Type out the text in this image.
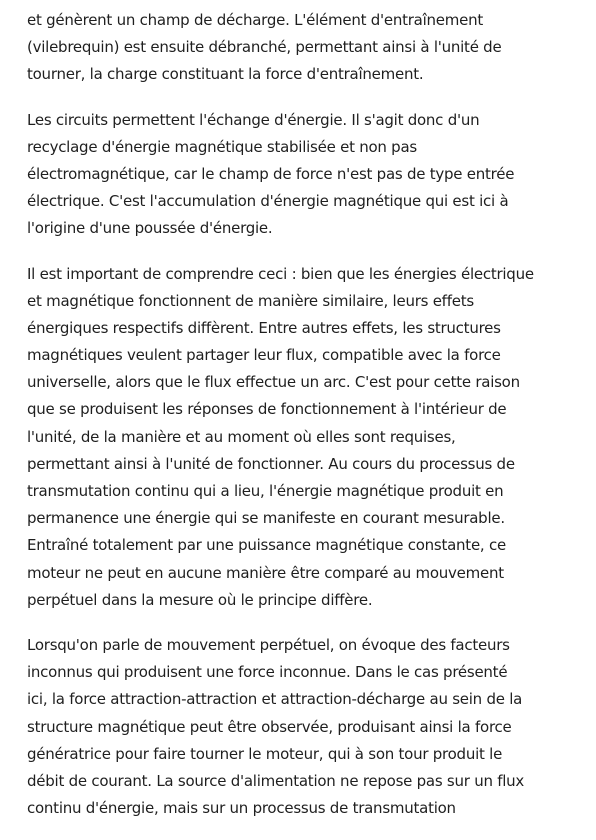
et génèrent un champ de décharge. L'élément d'entraînement
(vilebrequin) est ensuite débranché, permettant ainsi à l'unité de
tourner, la charge constituant la force d'entraînement.

Les circuits permettent l'échange d'énergie. Il s'agit donc d'un
recyclage d'énergie magnétique stabilisée et non pas
électromagnétique, car le champ de force n'est pas de type entrée
électrique. C'est l'accumulation d'énergie magnétique qui est ici à
l'origine d'une poussée d'énergie.

Il est important de comprendre ceci : bien que les énergies électrique
et magnétique fonctionnent de manière similaire, leurs effets
énergiques respectifs diffèrent. Entre autres effets, les structures
magnétiques veulent partager leur flux, compatible avec la force
universelle, alors que le flux effectue un arc. C'est pour cette raison
que se produisent les réponses de fonctionnement à l'intérieur de
l'unité, de la manière et au moment où elles sont requises,
permettant ainsi à l'unité de fonctionner. Au cours du processus de
transmutation continu qui a lieu, l'énergie magnétique produit en
permanence une énergie qui se manifeste en courant mesurable.
Entraîné totalement par une puissance magnétique constante, ce
moteur ne peut en aucune manière être comparé au mouvement
perpétuel dans la mesure où le principe diffère.

Lorsqu'on parle de mouvement perpétuel, on évoque des facteurs
inconnus qui produisent une force inconnue. Dans le cas présenté
ici, la force attraction-attraction et attraction-décharge au sein de la
structure magnétique peut être observée, produisant ainsi la force
génératrice pour faire tourner le moteur, qui à son tour produit le
débit de courant. La source d'alimentation ne repose pas sur un flux
continu d'énergie, mais sur un processus de transmutation
